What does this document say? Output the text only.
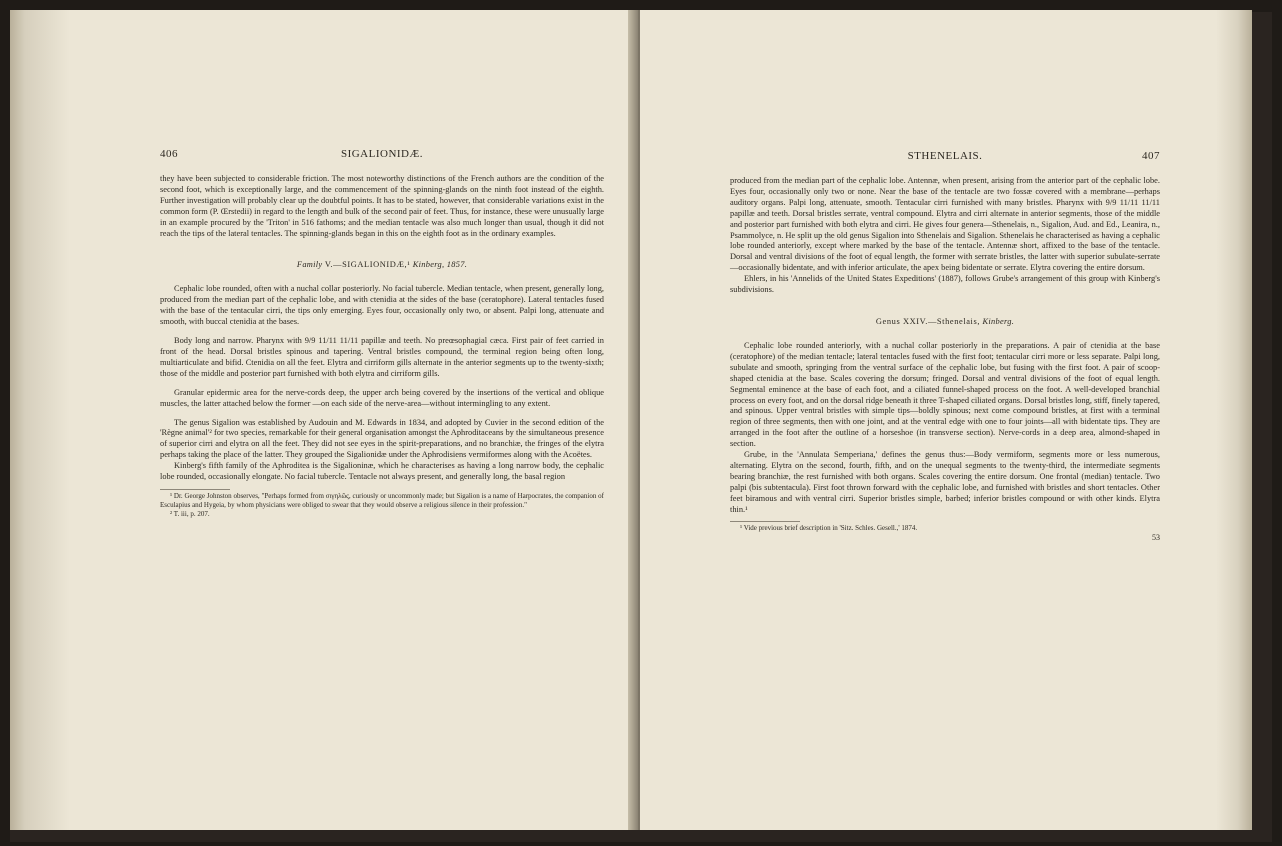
406	SIGALIONIDÆ.

they have been subjected to considerable friction. The most noteworthy distinctions of the French authors are the condition of the second foot, which is exceptionally large, and the commencement of the spinning-glands on the ninth foot instead of the eighth. Further investigation will probably clear up the doubtful points. It has to be stated, however, that considerable variations exist in the common form (P. Œrstedii) in regard to the length and bulk of the second pair of feet. Thus, for instance, these were unusually large in an example procured by the 'Triton' in 516 fathoms; and the median tentacle was also much longer than usual, though it did not reach the tips of the lateral tentacles. The spinning-glands began in this on the eighth foot as in the ordinary examples.

Family V.—SIGALIONIDÆ,¹ Kinberg, 1857.

Cephalic lobe rounded, often with a nuchal collar posteriorly. No facial tubercle. Median tentacle, when present, generally long, produced from the median part of the cephalic lobe, and with ctenidia at the sides of the base (ceratophore). Lateral tentacles fused with the base of the tentacular cirri, the tips only emerging. Eyes four, occasionally only two, or absent. Palpi long, attenuate and smooth, with buccal ctenidia at the bases.

Body long and narrow. Pharynx with 9/9 11/11 11/11 papillæ and teeth. No preœsophagial cæca. First pair of feet carried in front of the head. Dorsal bristles spinous and tapering. Ventral bristles compound, the terminal region being often long, multiarticulate and bifid. Ctenidia on all the feet. Elytra and cirriform gills alternate in the anterior segments up to the twenty-sixth; those of the middle and posterior part furnished with both elytra and cirriform gills.

Granular epidermic area for the nerve-cords deep, the upper arch being covered by the insertions of the vertical and oblique muscles, the latter attached below the former —on each side of the nerve-area—without intermingling to any extent.

The genus Sigalion was established by Audouin and M. Edwards in 1834, and adopted by Cuvier in the second edition of the 'Règne animal'² for two species, remarkable for their general organisation amongst the Aphroditaceans by the simultaneous presence of superior cirri and elytra on all the feet. They did not see eyes in the spirit-preparations, and no branchiæ, the fringes of the elytra perhaps taking the place of the latter. They grouped the Sigalionidæ under the Aphrodisiens vermiformes along with the Acoëtes.

Kinberg's fifth family of the Aphroditea is the Sigalioninæ, which he characterises as having a long narrow body, the cephalic lobe rounded, occasionally elongate. No facial tubercle. Tentacle not always present, and generally long, the basal region

¹ Dr. George Johnston observes, "Perhaps formed from σιγηλῶς, curiously or uncommonly made; but Sigalion is a name of Harpocrates, the companion of Esculapius and Hygeia, by whom physicians were obliged to swear that they would observe a religious silence in their profession."

² T. iii, p. 207.

STHENELAIS.	407

produced from the median part of the cephalic lobe. Antennæ, when present, arising from the anterior part of the cephalic lobe. Eyes four, occasionally only two or none. Near the base of the tentacle are two fossæ covered with a membrane—perhaps auditory organs. Palpi long, attenuate, smooth. Tentacular cirri furnished with many bristles. Pharynx with 9/9 11/11 11/11 papillæ and teeth. Dorsal bristles serrate, ventral compound. Elytra and cirri alternate in anterior segments, those of the middle and posterior part furnished with both elytra and cirri. He gives four genera—Sthenelais, n., Sigalion, Aud. and Ed., Leanira, n., Psammolyce, n. He split up the old genus Sigalion into Sthenelais and Sigalion. Sthenelais he characterised as having a cephalic lobe rounded anteriorly, except where marked by the base of the tentacle. Antennæ short, affixed to the base of the tentacle. Dorsal and ventral divisions of the foot of equal length, the former with serrate bristles, the latter with superior subulate-serrate—occasionally bidentate, and with inferior articulate, the apex being bidentate or serrate. Elytra covering the entire dorsum.

Ehlers, in his 'Annelids of the United States Expeditions' (1887), follows Grube's arrangement of this group with Kinberg's subdivisions.

Genus XXIV.—Sthenelais, Kinberg.

Cephalic lobe rounded anteriorly, with a nuchal collar posteriorly in the preparations. A pair of ctenidia at the base (ceratophore) of the median tentacle; lateral tentacles fused with the first foot; tentacular cirri more or less separate. Palpi long, subulate and smooth, springing from the ventral surface of the cephalic lobe, but fusing with the first foot. A pair of scoop-shaped ctenidia at the base. Scales covering the dorsum; fringed. Dorsal and ventral divisions of the foot of equal length. Segmental eminence at the base of each foot, and a ciliated funnel-shaped process on the foot. A well-developed branchial process on every foot, and on the dorsal ridge beneath it three T-shaped ciliated organs. Dorsal bristles long, stiff, finely tapered, and spinous. Upper ventral bristles with simple tips—boldly spinous; next come compound bristles, at first with a terminal region of three segments, then with one joint, and at the ventral edge with one to four joints—all with bidentate tips. They are arranged in the foot after the outline of a horseshoe (in transverse section). Nerve-cords in a deep area, almond-shaped in section.

Grube, in the 'Annulata Semperiana,' defines the genus thus:—Body vermiform, segments more or less numerous, alternating. Elytra on the second, fourth, fifth, and on the unequal segments to the twenty-third, the intermediate segments bearing branchiæ, the rest furnished with both organs. Scales covering the entire dorsum. One frontal (median) tentacle. Two palpi (bis subtentacula). First foot thrown forward with the cephalic lobe, and furnished with bristles and short tentacles. Other feet biramous and with ventral cirri. Superior bristles simple, barbed; inferior bristles compound or with other kinds. Elytra thin.¹

¹ Vide previous brief description in 'Sitz. Schles. Gesell.,' 1874.

53
